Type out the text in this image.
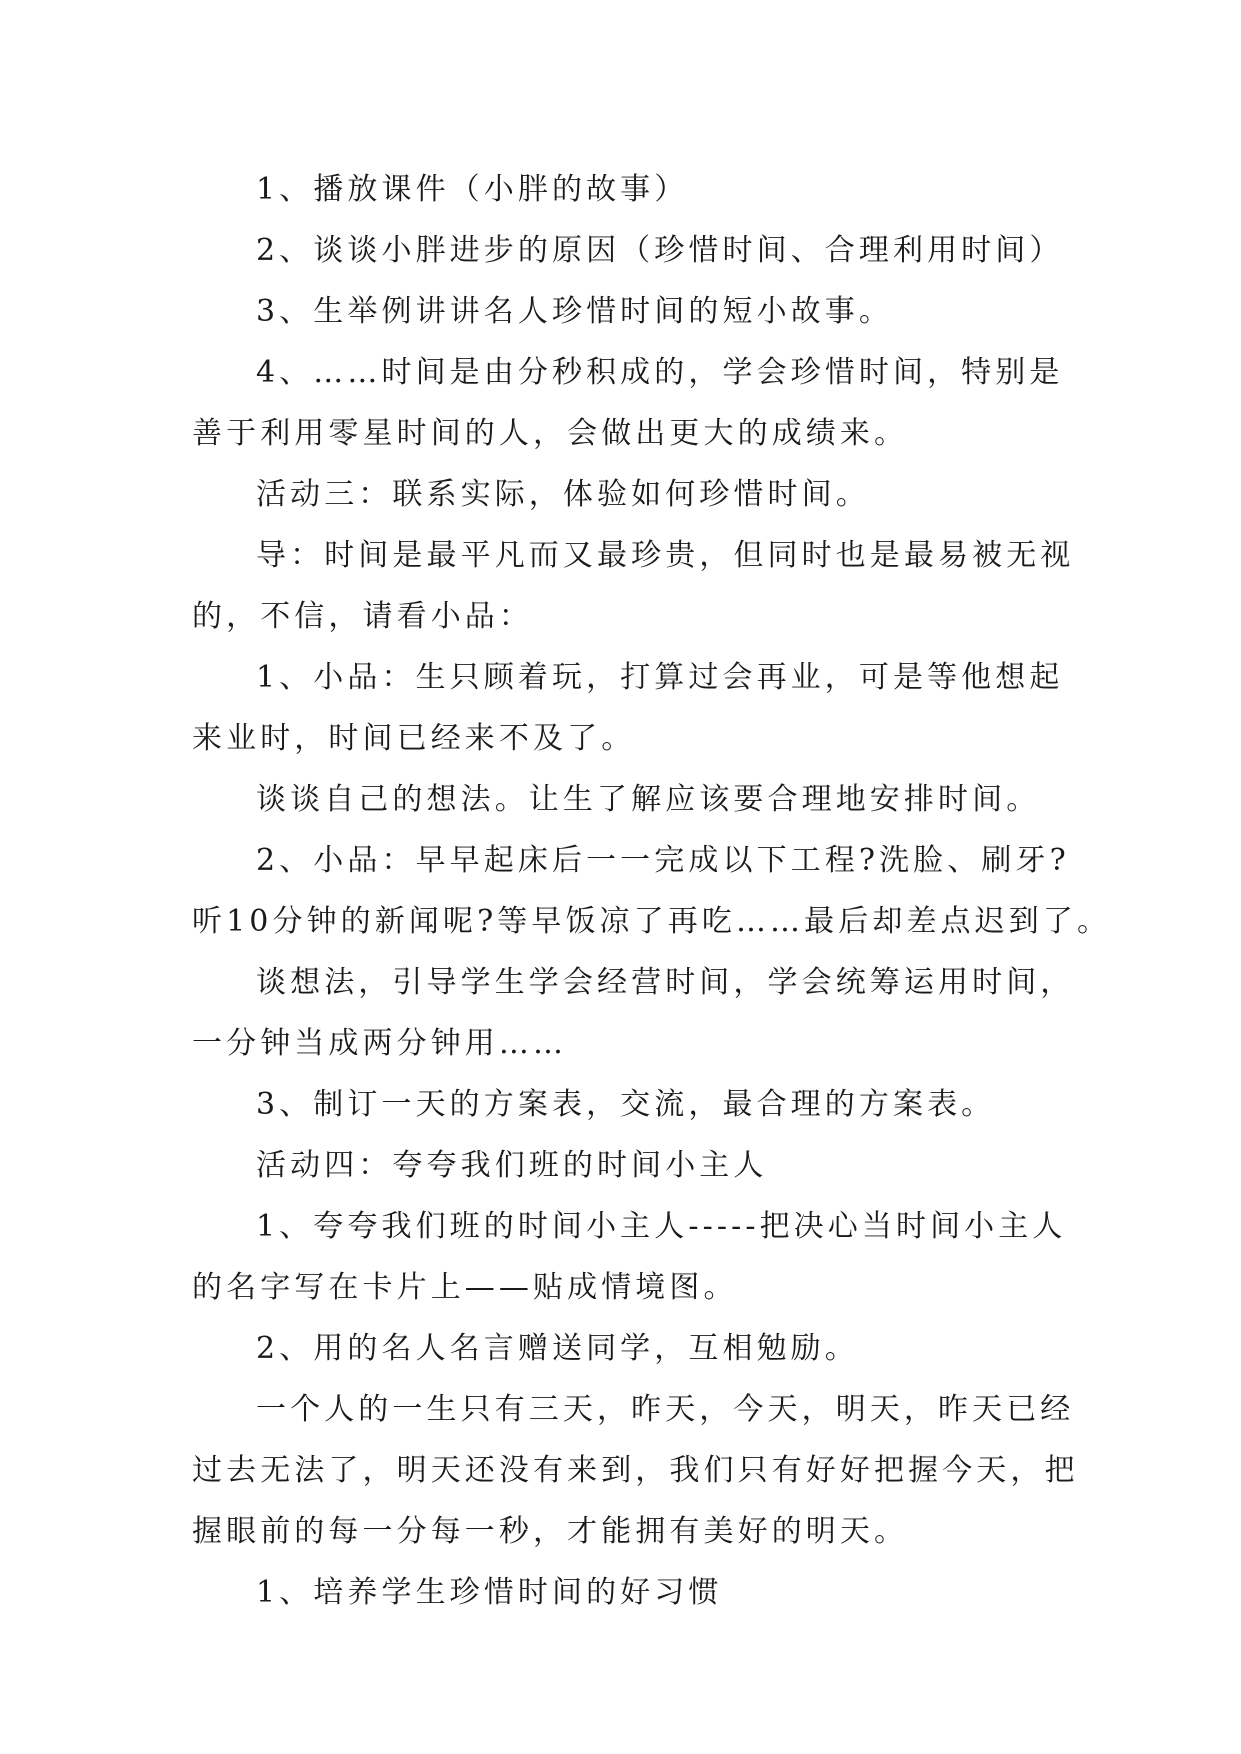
1、播放课件（小胖的故事）

2、谈谈小胖进步的原因（珍惜时间、合理利用时间）

3、生举例讲讲名人珍惜时间的短小故事。

4、……时间是由分秒积成的，学会珍惜时间，特别是
善于利用零星时间的人，会做出更大的成绩来。

活动三：联系实际，体验如何珍惜时间。

导：时间是最平凡而又最珍贵，但同时也是最易被无视
的，不信，请看小品：

1、小品：生只顾着玩，打算过会再业，可是等他想起
来业时，时间已经来不及了。

谈谈自己的想法。让生了解应该要合理地安排时间。

2、小品：早早起床后一一完成以下工程?洗脸、刷牙?
听10分钟的新闻呢?等早饭凉了再吃……最后却差点迟到了。

谈想法，引导学生学会经营时间，学会统筹运用时间，
一分钟当成两分钟用……

3、制订一天的方案表，交流，最合理的方案表。

活动四：夸夸我们班的时间小主人

1、夸夸我们班的时间小主人-----把决心当时间小主人
的名字写在卡片上——贴成情境图。

2、用的名人名言赠送同学，互相勉励。

一个人的一生只有三天，昨天，今天，明天，昨天已经
过去无法了，明天还没有来到，我们只有好好把握今天，把
握眼前的每一分每一秒，才能拥有美好的明天。

1、培养学生珍惜时间的好习惯
